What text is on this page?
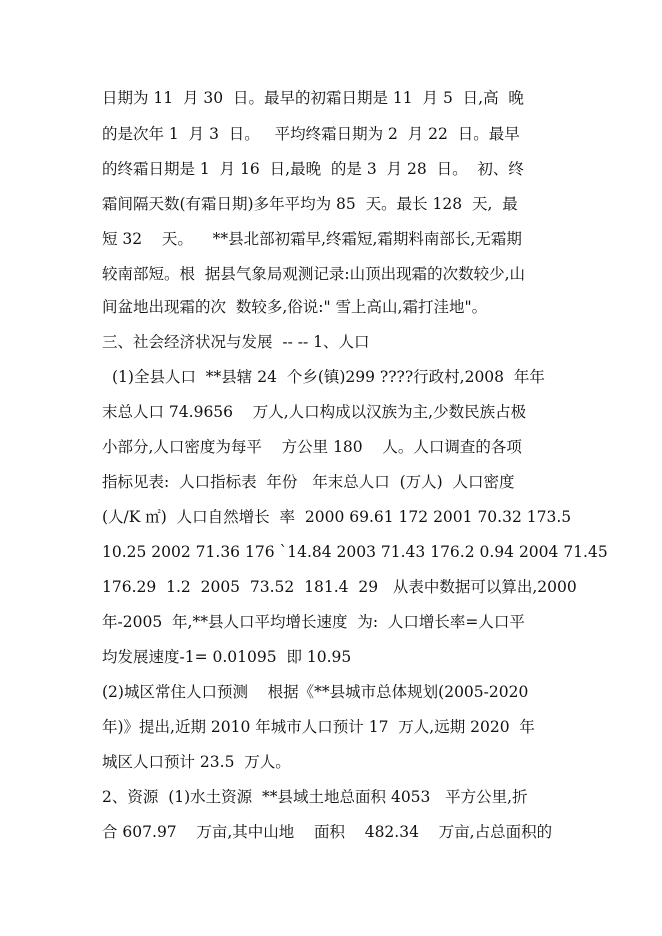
日期为 11  月 30  日。最早的初霜日期是 11  月 5  日,高  晚
的是次年 1  月 3  日。   平均终霜日期为 2  月 22  日。最早
的终霜日期是 1  月 16  日,最晚  的是 3  月 28  日。  初、终
霜间隔天数(有霜日期)多年平均为 85  天。最长 128  天,  最
短 32    天。    **县北部初霜早,终霜短,霜期料南部长,无霜期
较南部短。根  据县气象局观测记录:山顶出现霜的次数较少,山
间盆地出现霜的次  数较多,俗说:" 雪上高山,霜打洼地"。
三、社会经济状况与发展  -- -- 1、人口
(1)全县人口  **县辖 24  个乡(镇)299 ????行政村,2008  年年
末总人口 74.9656    万人,人口构成以汉族为主,少数民族占极
小部分,人口密度为每平    方公里 180    人。人口调查的各项
指标见表:  人口指标表  年份   年末总人口  (万人)  人口密度
(人/K ㎡)  人口自然增长  率  2000 69.61 172 2001 70.32 173.5
10.25 2002 71.36 176 `14.84 2003 71.43 176.2 0.94 2004 71.45
176.29  1.2  2005  73.52  181.4  29   从表中数据可以算出,2000
年-2005  年,**县人口平均增长速度  为:  人口增长率=人口平
均发展速度-1= 0.01095  即 10.95
(2)城区常住人口预测    根据《**县城市总体规划(2005-2020
年)》提出,近期 2010 年城市人口预计 17  万人,远期 2020  年
城区人口预计 23.5  万人。
2、资源  (1)水土资源  **县域土地总面积 4053   平方公里,折
合 607.97    万亩,其中山地    面积    482.34    万亩,占总面积的
